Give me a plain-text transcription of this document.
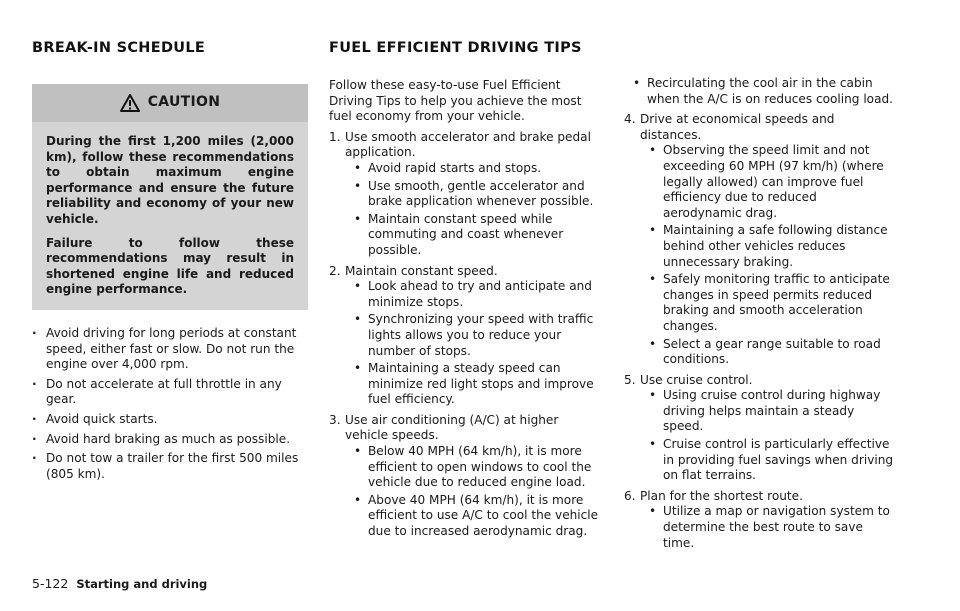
BREAK-IN SCHEDULE	FUEL EFFICIENT DRIVING TIPS
CAUTION

During the first 1,200 miles (2,000 km), follow these recommendations to obtain maximum engine performance and ensure the future reliability and economy of your new vehicle.

Failure to follow these recommendations may result in shortened engine life and reduced engine performance.

. Avoid driving for long periods at constant speed, either fast or slow. Do not run the engine over 4,000 rpm.
. Do not accelerate at full throttle in any gear.
. Avoid quick starts.
. Avoid hard braking as much as possible.
. Do not tow a trailer for the first 500 miles (805 km).

Follow these easy-to-use Fuel Efficient Driving Tips to help you achieve the most fuel economy from your vehicle.

1. Use smooth accelerator and brake pedal application.
• Avoid rapid starts and stops.
• Use smooth, gentle accelerator and brake application whenever possible.
• Maintain constant speed while commuting and coast whenever possible.
2. Maintain constant speed.
• Look ahead to try and anticipate and minimize stops.
• Synchronizing your speed with traffic lights allows you to reduce your number of stops.
• Maintaining a steady speed can minimize red light stops and improve fuel efficiency.
3. Use air conditioning (A/C) at higher vehicle speeds.
• Below 40 MPH (64 km/h), it is more efficient to open windows to cool the vehicle due to reduced engine load.
• Above 40 MPH (64 km/h), it is more efficient to use A/C to cool the vehicle due to increased aerodynamic drag.
• Recirculating the cool air in the cabin when the A/C is on reduces cooling load.
4. Drive at economical speeds and distances.
• Observing the speed limit and not exceeding 60 MPH (97 km/h) (where legally allowed) can improve fuel efficiency due to reduced aerodynamic drag.
• Maintaining a safe following distance behind other vehicles reduces unnecessary braking.
• Safely monitoring traffic to anticipate changes in speed permits reduced braking and smooth acceleration changes.
• Select a gear range suitable to road conditions.
5. Use cruise control.
• Using cruise control during highway driving helps maintain a steady speed.
• Cruise control is particularly effective in providing fuel savings when driving on flat terrains.
6. Plan for the shortest route.
• Utilize a map or navigation system to determine the best route to save time.
5-122 Starting and driving
